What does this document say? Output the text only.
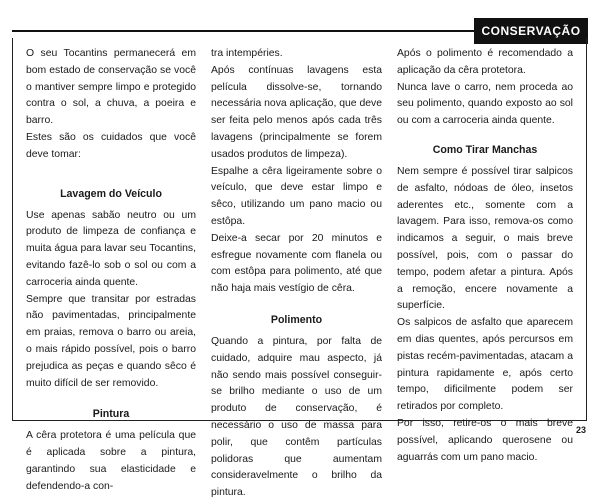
CONSERVAÇÃO

O seu Tocantins permanecerá em bom estado de conservação se você o mantiver sempre limpo e protegido contra o sol, a chuva, a poeira e barro.

Estes são os cuidados que você deve tomar:

Lavagem do Veículo

Use apenas sabão neutro ou um produto de limpeza de confiança e muita água para lavar seu Tocantins, evitando fazê-lo sob o sol ou com a carroceria ainda quente.

Sempre que transitar por estradas não pavimentadas, principalmente em praias, remova o barro ou areia, o mais rápido possível, pois o barro prejudica as peças e quando sêco é muito difícil de ser removido.

Pintura

A cêra protetora é uma película que é aplicada sobre a pintura, garantindo sua elasticidade e defendendo-a con-

tra intempéries.

Após contínuas lavagens esta película dissolve-se, tornando necessária nova aplicação, que deve ser feita pelo menos após cada três lavagens (principalmente se forem usados produtos de limpeza).

Espalhe a cêra ligeiramente sobre o veículo, que deve estar limpo e sêco, utilizando um pano macio ou estôpa.

Deixe-a secar por 20 minutos e esfregue novamente com flanela ou com estôpa para polimento, até que não haja mais vestígio de cêra.

Polimento

Quando a pintura, por falta de cuidado, adquire mau aspecto, já não sendo mais possível conseguir-se brilho mediante o uso de um produto de conservação, é necessário o uso de massa para polir, que contêm partículas polidoras que aumentam consideravelmente o brilho da pintura.

Após o polimento é recomendado a aplicação da cêra protetora.

Nunca lave o carro, nem proceda ao seu polimento, quando exposto ao sol ou com a carroceria ainda quente.

Como Tirar Manchas

Nem sempre é possível tirar salpicos de asfalto, nódoas de óleo, insetos aderentes etc., somente com a lavagem. Para isso, remova-os como indicamos a seguir, o mais breve possível, pois, com o passar do tempo, podem afetar a pintura. Após a remoção, encere novamente a superfície.

Os salpicos de asfalto que aparecem em dias quentes, após percursos em pistas recém-pavimentadas, atacam a pintura rapidamente e, após certo tempo, dificilmente podem ser retirados por completo.

Por isso, retire-os o mais breve possível, aplicando querosene ou aguarrás com um pano macio.

23
